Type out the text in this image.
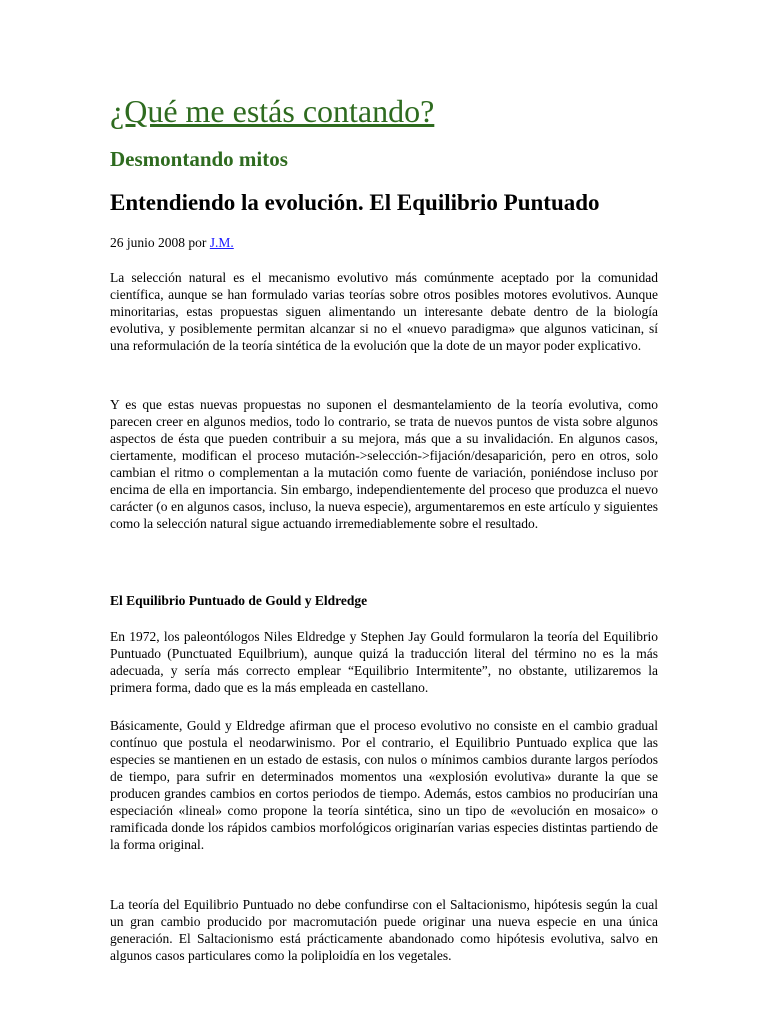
¿Qué me estás contando?
Desmontando mitos
Entendiendo la evolución. El Equilibrio Puntuado
26 junio 2008 por J.M.

La selección natural es el mecanismo evolutivo más comúnmente aceptado por la comunidad científica, aunque se han formulado varias teorías sobre otros posibles motores evolutivos. Aunque minoritarias, estas propuestas siguen alimentando un interesante debate dentro de la biología evolutiva, y posiblemente permitan alcanzar si no el «nuevo paradigma» que algunos vaticinan, sí una reformulación de la teoría sintética de la evolución que la dote de un mayor poder explicativo.

Y es que estas nuevas propuestas no suponen el desmantelamiento de la teoría evolutiva, como parecen creer en algunos medios, todo lo contrario, se trata de nuevos puntos de vista sobre algunos aspectos de ésta que pueden contribuir a su mejora, más que a su invalidación. En algunos casos, ciertamente, modifican el proceso mutación->selección->fijación/desaparición, pero en otros, solo cambian el ritmo o complementan a la mutación como fuente de variación, poniéndose incluso por encima de ella en importancia. Sin embargo, independientemente del proceso que produzca el nuevo carácter (o en algunos casos, incluso, la nueva especie), argumentaremos en este artículo y siguientes como la selección natural sigue actuando irremediablemente sobre el resultado.

El Equilibrio Puntuado de Gould y Eldredge

En 1972, los paleontólogos Niles Eldredge y Stephen Jay Gould formularon la teoría del Equilibrio Puntuado (Punctuated Equilbrium), aunque quizá la traducción literal del término no es la más adecuada, y sería más correcto emplear “Equilibrio Intermitente”, no obstante, utilizaremos la primera forma, dado que es la más empleada en castellano.

Básicamente, Gould y Eldredge afirman que el proceso evolutivo no consiste en el cambio gradual contínuo que postula el neodarwinismo. Por el contrario, el Equilibrio Puntuado explica que las especies se mantienen en un estado de estasis, con nulos o mínimos cambios durante largos períodos de tiempo, para sufrir en determinados momentos una «explosión evolutiva» durante la que se producen grandes cambios en cortos periodos de tiempo. Además, estos cambios no producirían una especiación «lineal» como propone la teoría sintética, sino un tipo de «evolución en mosaico» o ramificada donde los rápidos cambios morfológicos originarían varias especies distintas partiendo de la forma original.

La teoría del Equilibrio Puntuado no debe confundirse con el Saltacionismo, hipótesis según la cual un gran cambio producido por macromutación puede originar una nueva especie en una única generación. El Saltacionismo está prácticamente abandonado como hipótesis evolutiva, salvo en algunos casos particulares como la poliploidía en los vegetales.
